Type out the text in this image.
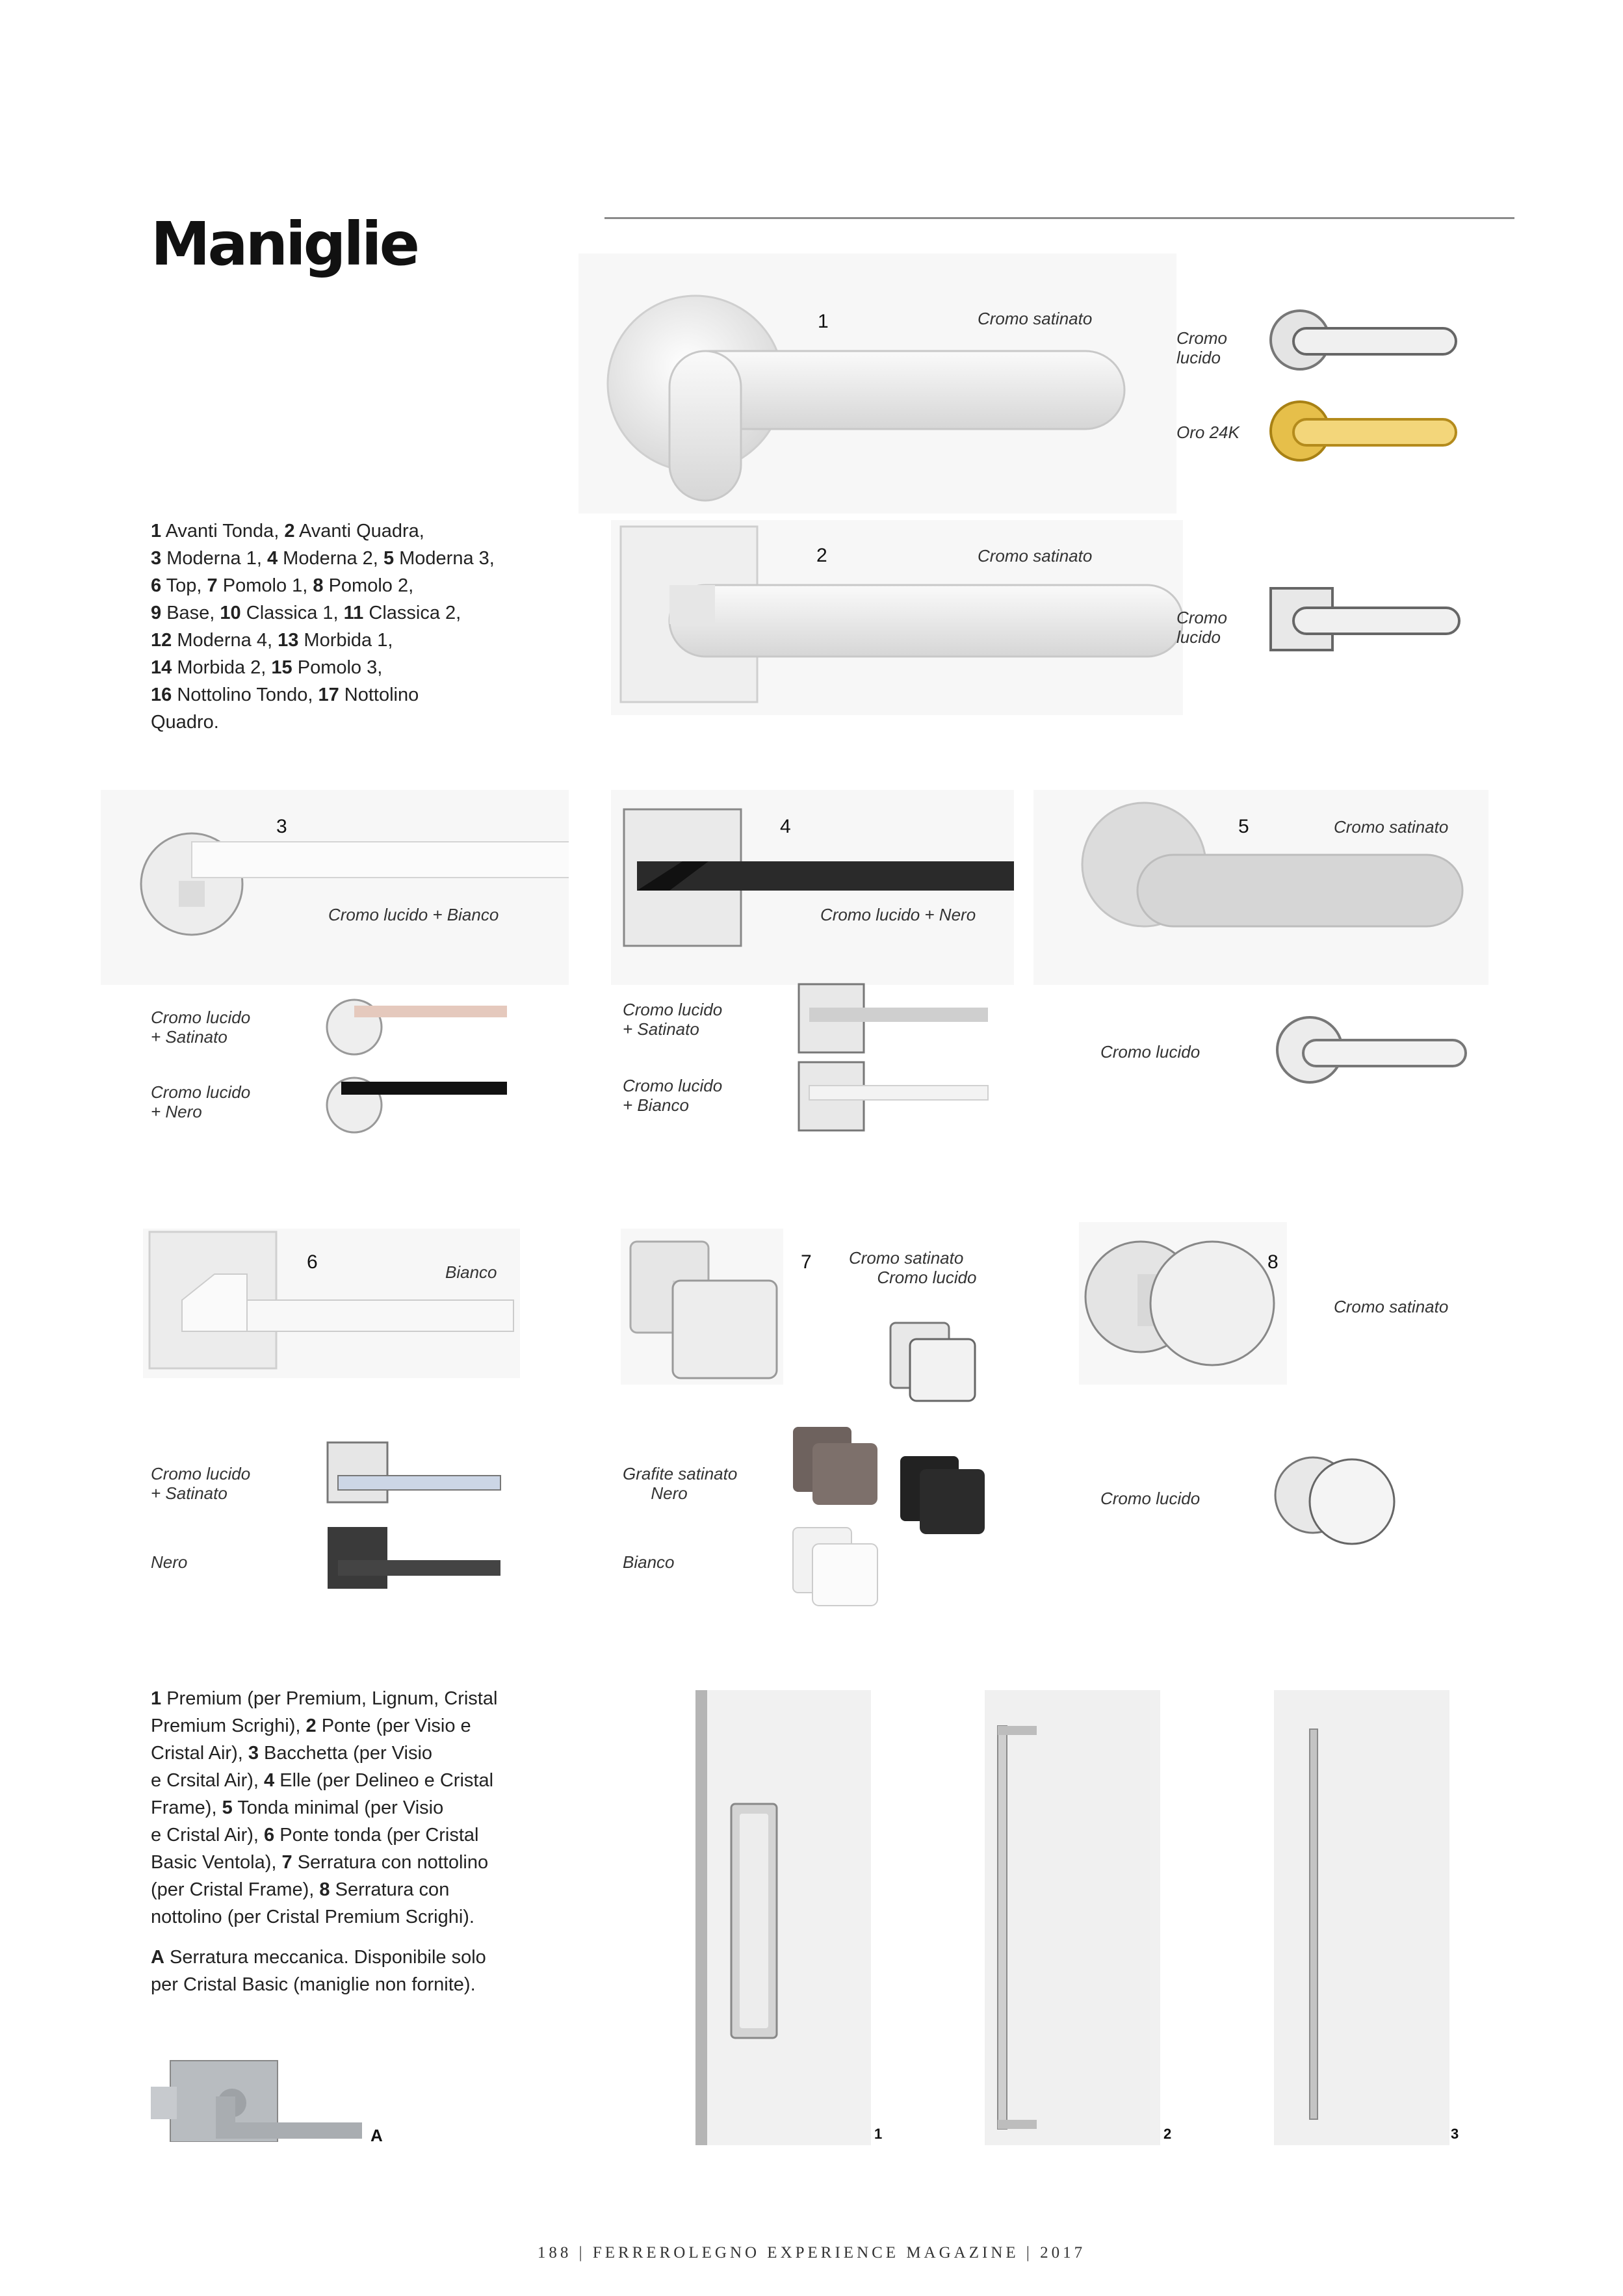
Maniglie
1 Avanti Tonda, 2 Avanti Quadra,
3 Moderna 1, 4 Moderna 2, 5 Moderna 3,
6 Top, 7 Pomolo 1, 8 Pomolo 2,
9 Base, 10 Classica 1, 11 Classica 2,
12 Moderna 4, 13 Morbida 1,
14 Morbida 2, 15 Pomolo 3,
16 Nottolino Tondo, 17 Nottolino
Quadro.
1	Cromo satinato
Cromo
lucido
Oro 24K
2	Cromo satinato
Cromo
lucido
3
Cromo lucido + Bianco
4
Cromo lucido + Nero
5	Cromo satinato
Cromo lucido
+ Satinato
Cromo lucido
+ Nero
Cromo lucido
+ Satinato
Cromo lucido
+ Bianco
Cromo lucido
6	Bianco	7 Cromo satinato
Cromo lucido
8
Cromo satinato
Cromo lucido
+ Satinato
Nero
Grafite satinato
Nero
Bianco
Cromo lucido
1 Premium (per Premium, Lignum, Cristal
Premium Scrighi), 2 Ponte (per Visio e
Cristal Air), 3 Bacchetta (per Visio
e Crsital Air), 4 Elle (per Delineo e Cristal
Frame), 5 Tonda minimal (per Visio
e Cristal Air), 6 Ponte tonda (per Cristal
Basic Ventola), 7 Serratura con nottolino
(per Cristal Frame), 8 Serratura con
nottolino (per Cristal Premium Scrighi).
A Serratura meccanica. Disponibile solo
per Cristal Basic (maniglie non fornite).
A	1	2	3
188 | FERREROLEGNO EXPERIENCE MAGAZINE | 2017
